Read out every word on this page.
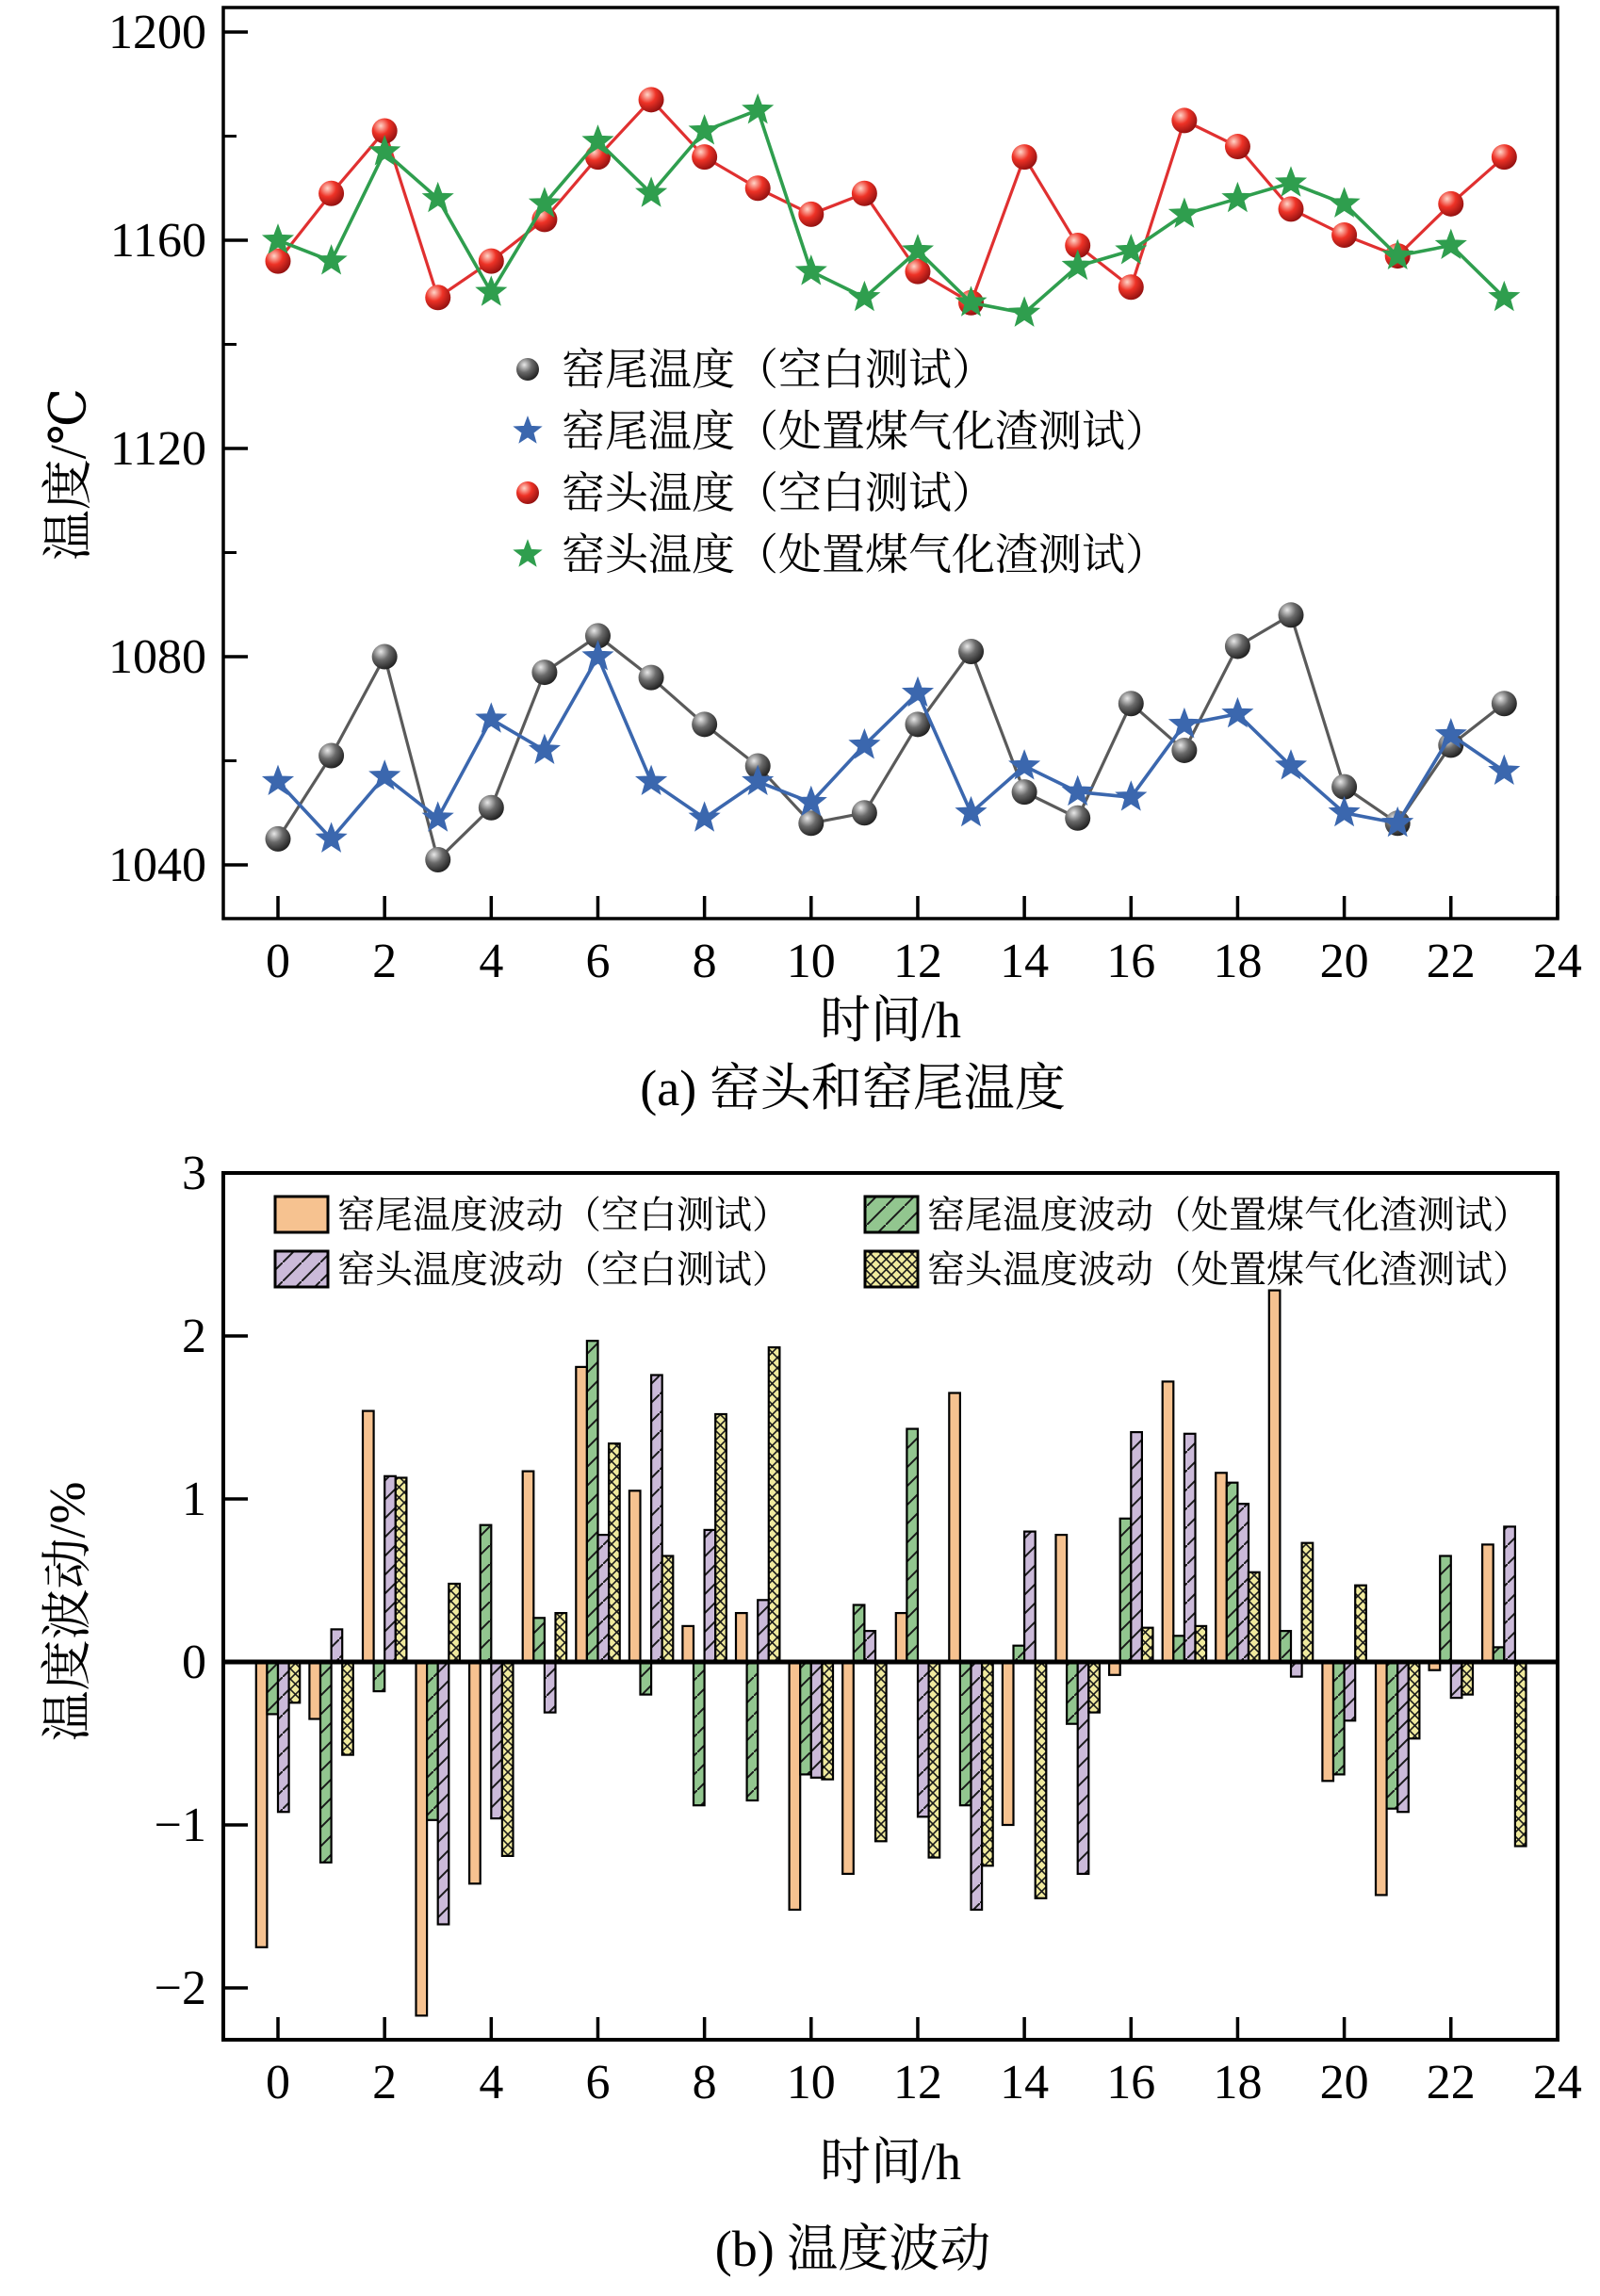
0 2 4 6 8 10 12 14 16 18 20 22 24
1040
1080
1120
1160
1200
窑尾温度（空白测试）
窑尾温度（处置煤气化渣测试）
窑头温度（空白测试）
窑头温度（处置煤气化渣测试）
0 2 4 6 8 10 12 14 16 18 20 22 24
3
2
1
0
−1
−2
窑尾温度波动（空白测试）	窑尾温度波动（处置煤气化渣测试）
窑头温度波动（空白测试）	窑头温度波动（处置煤气化渣测试）
温度/℃
时间/h
(a) 窑头和窑尾温度
温度波动/%
时间/h
(b) 温度波动
